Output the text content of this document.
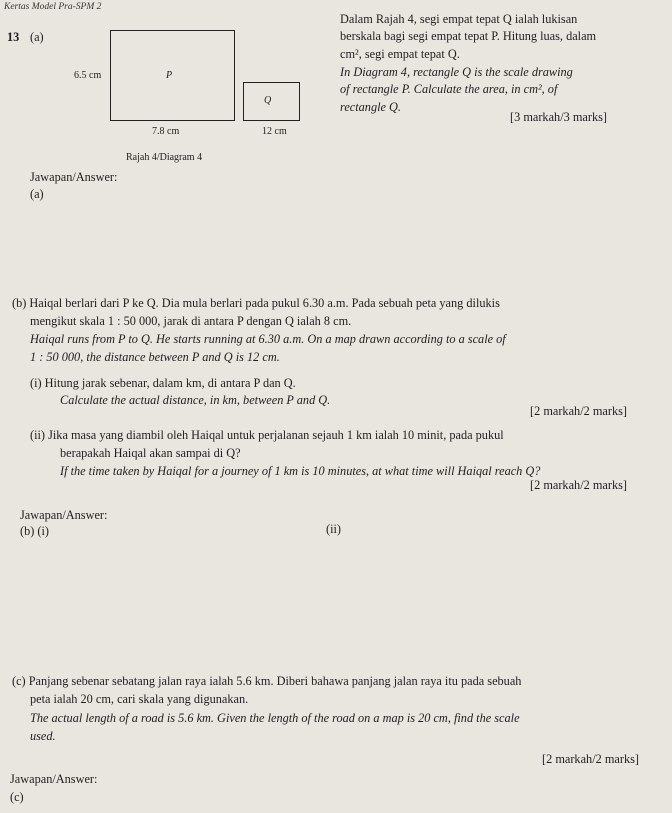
Kertas Model Pra-SPM 2
13 (a)
6.5 cm	P
7.8 cm
Q
12 cm
Rajah 4/Diagram 4
Dalam Rajah 4, segi empat tepat Q ialah lukisan
berskala bagi segi empat tepat P. Hitung luas, dalam
cm², segi empat tepat Q.
In Diagram 4, rectangle Q is the scale drawing
of rectangle P. Calculate the area, in cm², of
rectangle Q.
[3 markah/3 marks]
Jawapan/Answer:
(a)
(b) Haiqal berlari dari P ke Q. Dia mula berlari pada pukul 6.30 a.m. Pada sebuah peta yang dilukis
mengikut skala 1 : 50 000, jarak di antara P dengan Q ialah 8 cm.
Haiqal runs from P to Q. He starts running at 6.30 a.m. On a map drawn according to a scale of
1 : 50 000, the distance between P and Q is 12 cm.
(i) Hitung jarak sebenar, dalam km, di antara P dan Q.
Calculate the actual distance, in km, between P and Q.
[2 markah/2 marks]
(ii) Jika masa yang diambil oleh Haiqal untuk perjalanan sejauh 1 km ialah 10 minit, pada pukul
berapakah Haiqal akan sampai di Q?
If the time taken by Haiqal for a journey of 1 km is 10 minutes, at what time will Haiqal reach Q?
[2 markah/2 marks]
Jawapan/Answer:
(b) (i)	(ii)
(c) Panjang sebenar sebatang jalan raya ialah 5.6 km. Diberi bahawa panjang jalan raya itu pada sebuah
peta ialah 20 cm, cari skala yang digunakan.
The actual length of a road is 5.6 km. Given the length of the road on a map is 20 cm, find the scale
used.
[2 markah/2 marks]
Jawapan/Answer:
(c)
